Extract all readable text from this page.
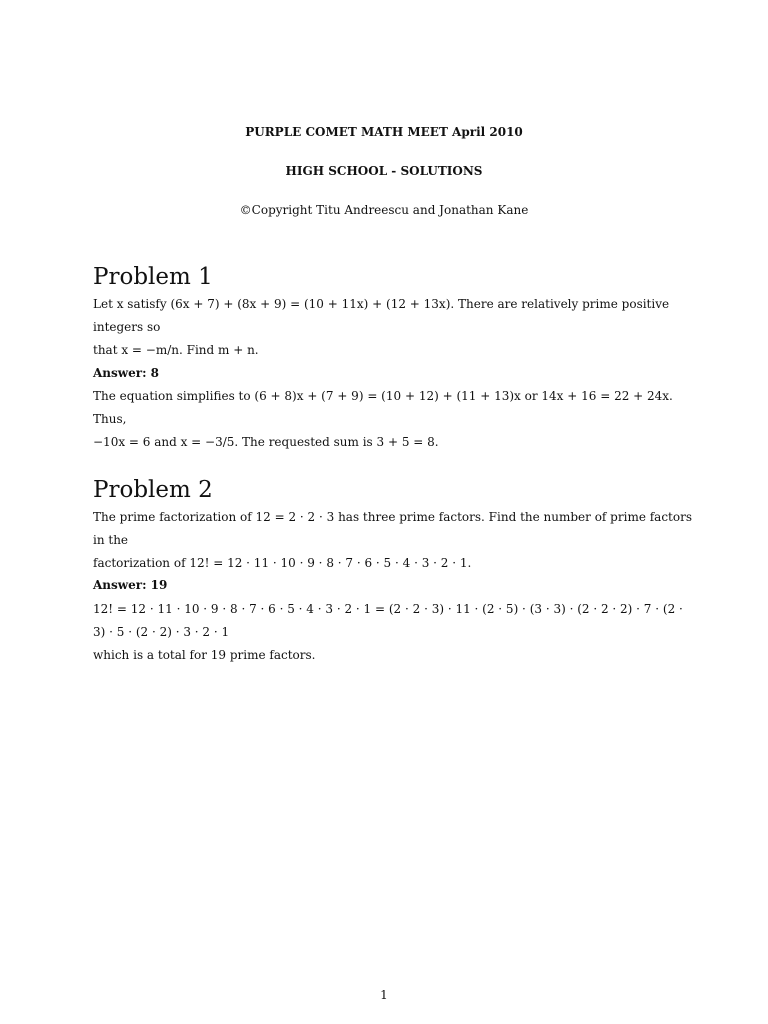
PURPLE COMET MATH MEET April 2010
HIGH SCHOOL - SOLUTIONS
©Copyright Titu Andreescu and Jonathan Kane
Problem 1
Let x satisfy (6x + 7) + (8x + 9) = (10 + 11x) + (12 + 13x). There are relatively prime positive integers so
that x = −m/n. Find m + n.
Answer: 8
The equation simplifies to (6 + 8)x + (7 + 9) = (10 + 12) + (11 + 13)x or 14x + 16 = 22 + 24x. Thus,
−10x = 6 and x = −3/5. The requested sum is 3 + 5 = 8.
Problem 2
The prime factorization of 12 = 2 · 2 · 3 has three prime factors. Find the number of prime factors in the
factorization of 12! = 12 · 11 · 10 · 9 · 8 · 7 · 6 · 5 · 4 · 3 · 2 · 1.
Answer: 19
12! = 12 · 11 · 10 · 9 · 8 · 7 · 6 · 5 · 4 · 3 · 2 · 1 = (2 · 2 · 3) · 11 · (2 · 5) · (3 · 3) · (2 · 2 · 2) · 7 · (2 · 3) · 5 · (2 · 2) · 3 · 2 · 1
which is a total for 19 prime factors.
1
